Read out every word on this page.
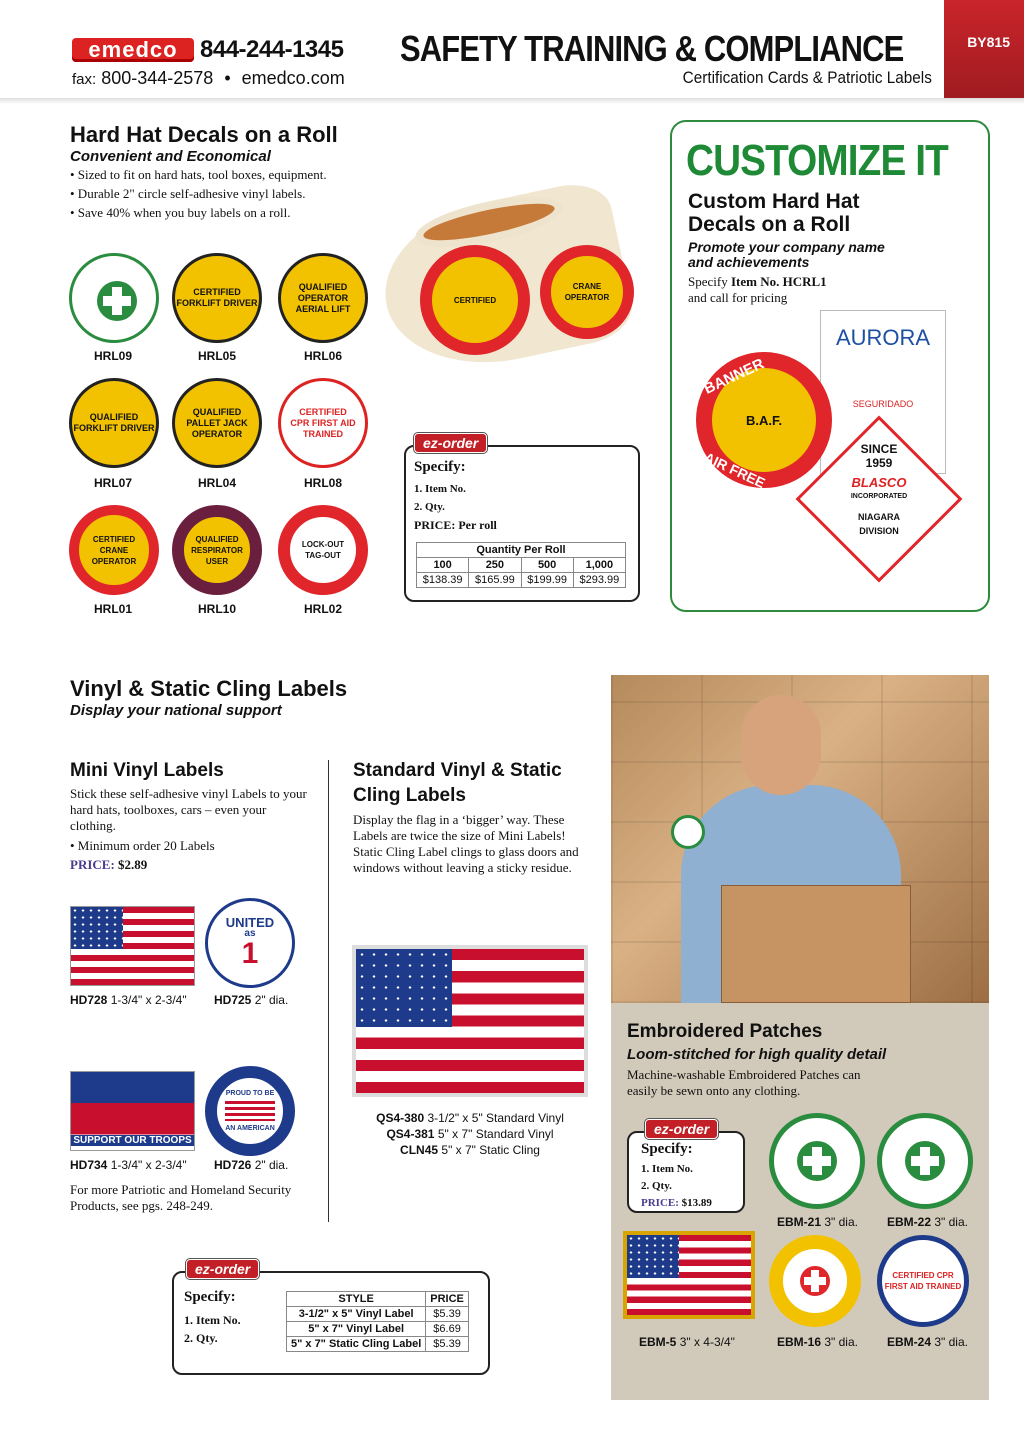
emedco 844-244-1345
fax: 800-344-2578 • emedco.com
SAFETY TRAINING & COMPLIANCE
Certification Cards & Patriotic Labels
BY815
Hard Hat Decals on a Roll
Convenient and Economical
• Sized to fit on hard hats, tool boxes, equipment.
• Durable 2" circle self-adhesive vinyl labels.
• Save 40% when you buy labels on a roll.
CERTIFIED
FORKLIFT DRIVER
QUALIFIED
OPERATOR
AERIAL LIFT
HRL09	HRL05	HRL06
QUALIFIED
FORKLIFT DRIVER
QUALIFIED
PALLET JACK
OPERATOR
CERTIFIED
CPR FIRST AID
TRAINED
HRL07	HRL04	HRL08
CERTIFIED
CRANE OPERATOR
QUALIFIED
RESPIRATOR USER
LOCK-OUT
TAG-OUT
HRL01	HRL10	HRL02
CERTIFIED
CRANE OPERATOR
ez-order
Specify:
1. Item No.
2. Qty.
PRICE: Per roll
Quantity Per Roll			
100	250	500	1,000
$138.39	$165.99	$199.99	$293.99
CUSTOMIZE IT
Custom Hard Hat Decals on a Roll
Promote your company name and achievements
Specify Item No. HCRL1
and call for pricing
AURORA
SEGURIDADO
B.A.F.
BANNER
AIR FREE	SINCE
1959
BLASCO
INCORPORATED
NIAGARA
DIVISION
Vinyl & Static Cling Labels
Display your national support
Mini Vinyl Labels
Stick these self-adhesive vinyl Labels to your hard hats, toolboxes, cars – even your clothing.
• Minimum order 20 Labels
PRICE: $2.89
UNITED
as
1
HD728 1-3/4" x 2-3/4" HD725 2" dia.
SUPPORT OUR TROOPS
PROUD TO BE
AN AMERICAN
HD734 1-3/4" x 2-3/4" HD726 2" dia.
For more Patriotic and Homeland Security Products, see pgs. 248-249.
Standard Vinyl & Static Cling Labels
Display the flag in a ‘bigger’ way. These Labels are twice the size of Mini Labels! Static Cling Label clings to glass doors and windows without leaving a sticky residue.
QS4-380 3-1/2" x 5" Standard Vinyl
QS4-381 5" x 7" Standard Vinyl
CLN45 5" x 7" Static Cling
ez-order
Specify:
1. Item No.
2. Qty.
STYLE	PRICE
3-1/2" x 5" Vinyl Label	$5.39
5" x 7" Vinyl Label	$6.69
5" x 7" Static Cling Label	$5.39
Embroidered Patches
Loom-stitched for high quality detail
Machine-washable Embroidered Patches can easily be sewn onto any clothing.
ez-order
Specify:
1. Item No.
2. Qty.
PRICE: $13.89
EBM-21 3" dia. EBM-22 3" dia.
CERTIFIED CPR FIRST AID TRAINED
EBM-5 3" x 4-3/4"	EBM-16 3" dia. EBM-24 3" dia.
